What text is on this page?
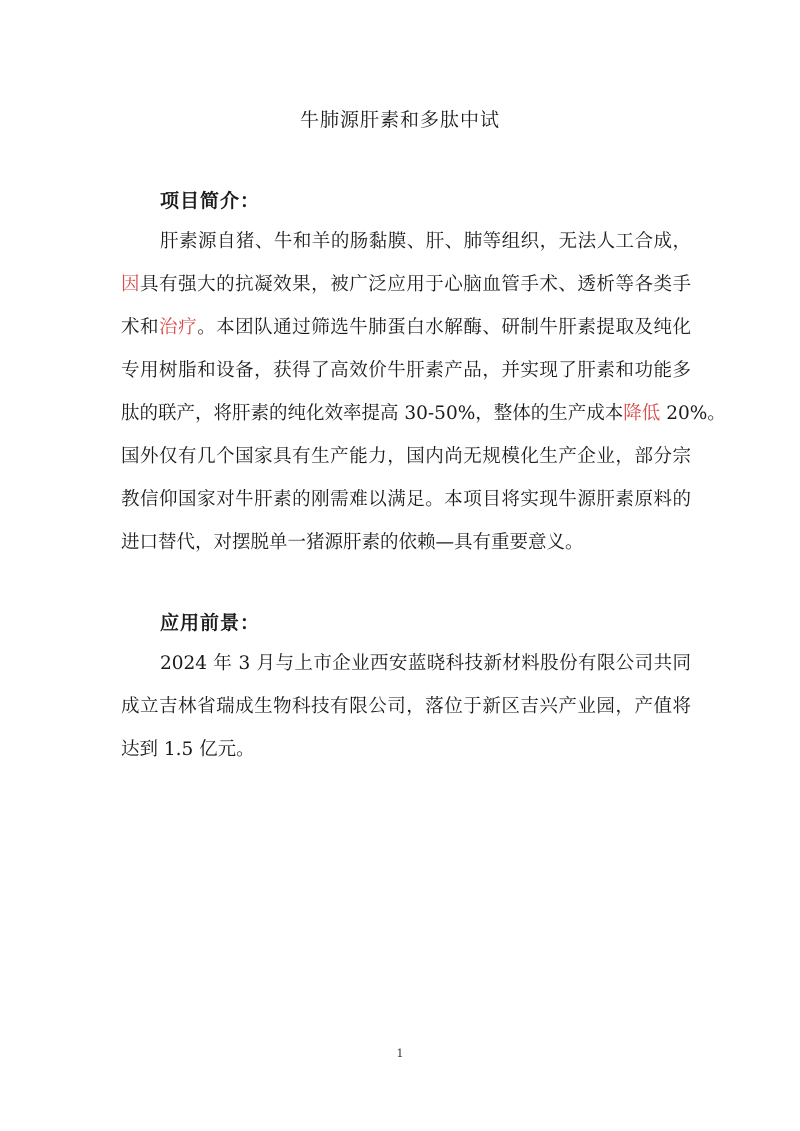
牛肺源肝素和多肽中试
项目简介：
肝素源自猪、牛和羊的肠黏膜、肝、肺等组织，无法人工合成，
因具有强大的抗凝效果，被广泛应用于心脑血管手术、透析等各类手
术和治疗。本团队通过筛选牛肺蛋白水解酶、研制牛肝素提取及纯化
专用树脂和设备，获得了高效价牛肝素产品，并实现了肝素和功能多
肽的联产，将肝素的纯化效率提高 30-50%，整体的生产成本降低 20%。
国外仅有几个国家具有生产能力，国内尚无规模化生产企业，部分宗
教信仰国家对牛肝素的刚需难以满足。本项目将实现牛源肝素原料的
进口替代，对摆脱单一猪源肝素的依赖—具有重要意义。
应用前景：
2024 年 3 月与上市企业西安蓝晓科技新材料股份有限公司共同
成立吉林省瑞成生物科技有限公司，落位于新区吉兴产业园，产值将
达到 1.5 亿元。
1
